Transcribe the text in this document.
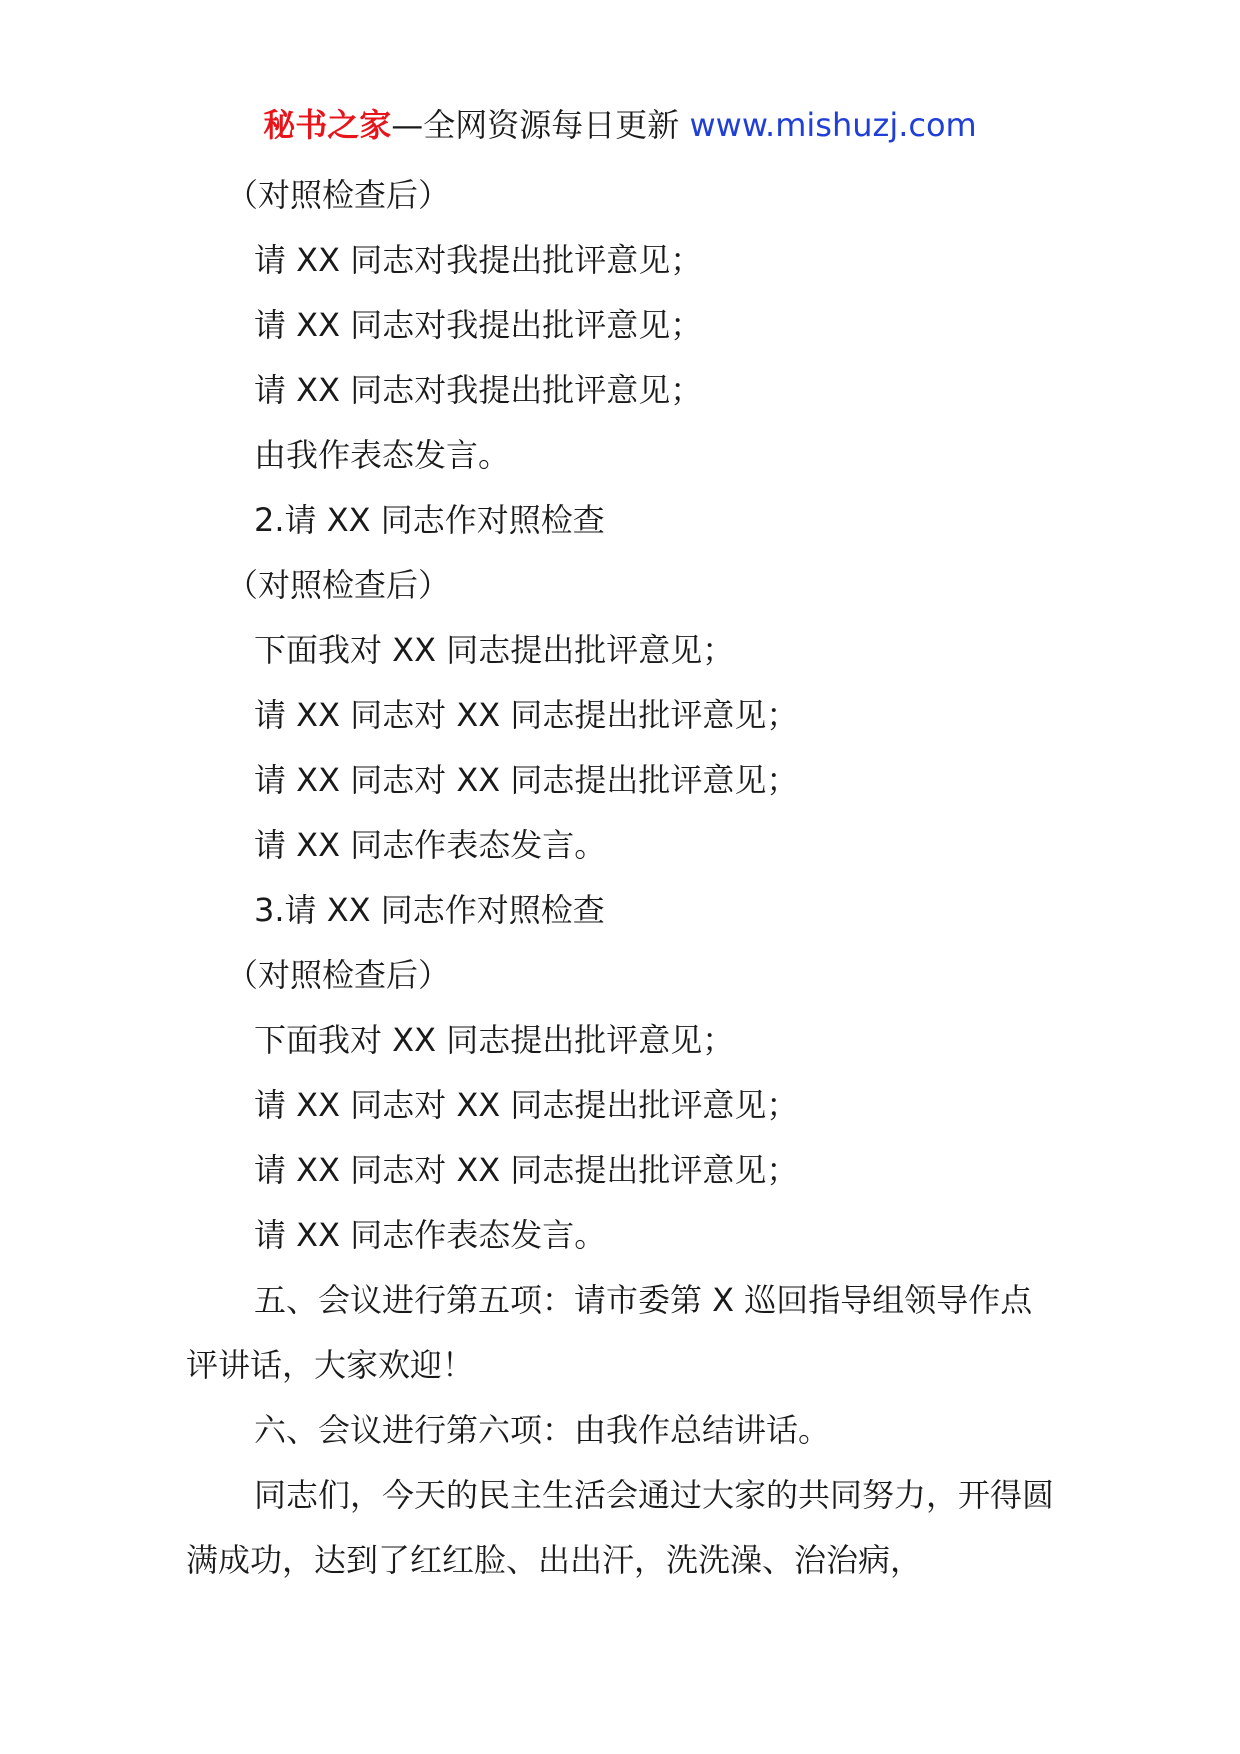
秘书之家—全网资源每日更新 www.mishuzj.com
（对照检查后）
请 XX 同志对我提出批评意见；
请 XX 同志对我提出批评意见；
请 XX 同志对我提出批评意见；
由我作表态发言。
2.请 XX 同志作对照检查
（对照检查后）
下面我对 XX 同志提出批评意见；
请 XX 同志对 XX 同志提出批评意见；
请 XX 同志对 XX 同志提出批评意见；
请 XX 同志作表态发言。
3.请 XX 同志作对照检查
（对照检查后）
下面我对 XX 同志提出批评意见；
请 XX 同志对 XX 同志提出批评意见；
请 XX 同志对 XX 同志提出批评意见；
请 XX 同志作表态发言。
五、会议进行第五项：请市委第 X 巡回指导组领导作点评讲话，大家欢迎！
六、会议进行第六项：由我作总结讲话。
同志们，今天的民主生活会通过大家的共同努力，开得圆满成功，达到了红红脸、出出汗，洗洗澡、治治病，
